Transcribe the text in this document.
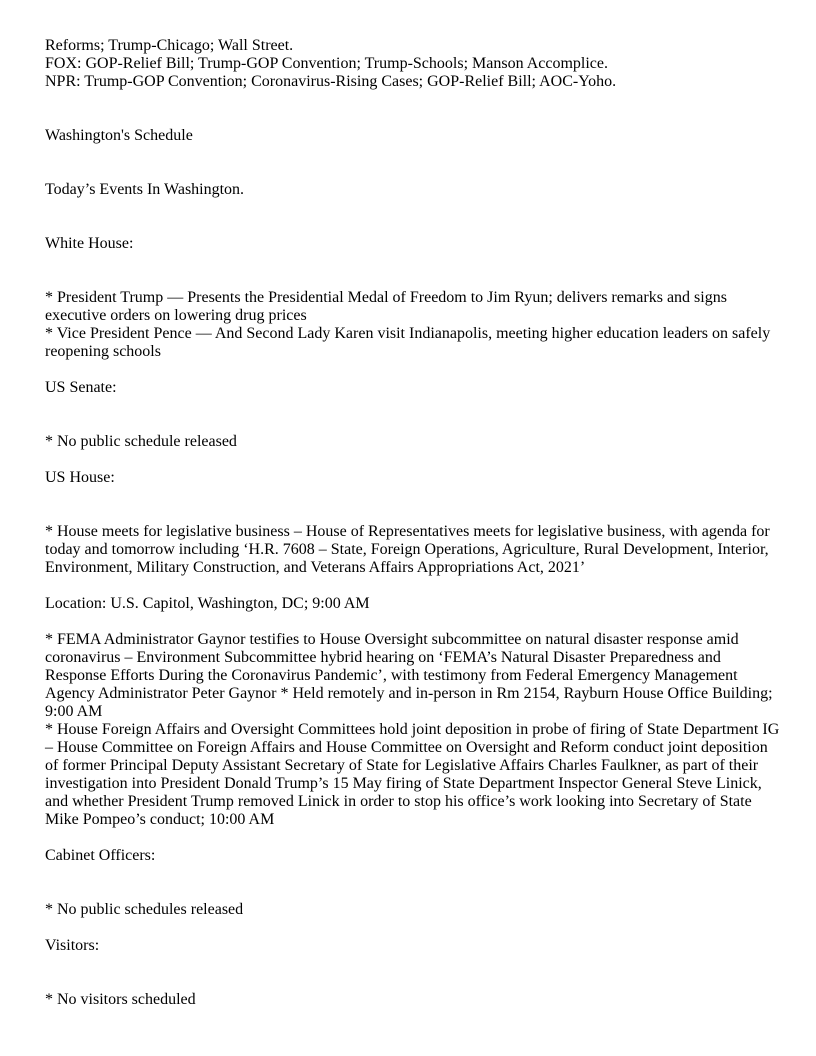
Reforms; Trump-Chicago; Wall Street.
FOX: GOP-Relief Bill; Trump-GOP Convention; Trump-Schools; Manson Accomplice.
NPR: Trump-GOP Convention; Coronavirus-Rising Cases; GOP-Relief Bill; AOC-Yoho.
Washington's Schedule
Today’s Events In Washington.
White House:
* President Trump — Presents the Presidential Medal of Freedom to Jim Ryun; delivers remarks and signs executive orders on lowering drug prices
* Vice President Pence — And Second Lady Karen visit Indianapolis, meeting higher education leaders on safely reopening schools
US Senate:
* No public schedule released
US House:
* House meets for legislative business – House of Representatives meets for legislative business, with agenda for today and tomorrow including ‘H.R. 7608 – State, Foreign Operations, Agriculture, Rural Development, Interior, Environment, Military Construction, and Veterans Affairs Appropriations Act, 2021’
Location: U.S. Capitol, Washington, DC; 9:00 AM
* FEMA Administrator Gaynor testifies to House Oversight subcommittee on natural disaster response amid coronavirus – Environment Subcommittee hybrid hearing on ‘FEMA’s Natural Disaster Preparedness and Response Efforts During the Coronavirus Pandemic’, with testimony from Federal Emergency Management Agency Administrator Peter Gaynor * Held remotely and in-person in Rm 2154, Rayburn House Office Building; 9:00 AM
* House Foreign Affairs and Oversight Committees hold joint deposition in probe of firing of State Department IG – House Committee on Foreign Affairs and House Committee on Oversight and Reform conduct joint deposition of former Principal Deputy Assistant Secretary of State for Legislative Affairs Charles Faulkner, as part of their investigation into President Donald Trump’s 15 May firing of State Department Inspector General Steve Linick, and whether President Trump removed Linick in order to stop his office’s work looking into Secretary of State Mike Pompeo’s conduct; 10:00 AM
Cabinet Officers:
* No public schedules released
Visitors:
* No visitors scheduled
